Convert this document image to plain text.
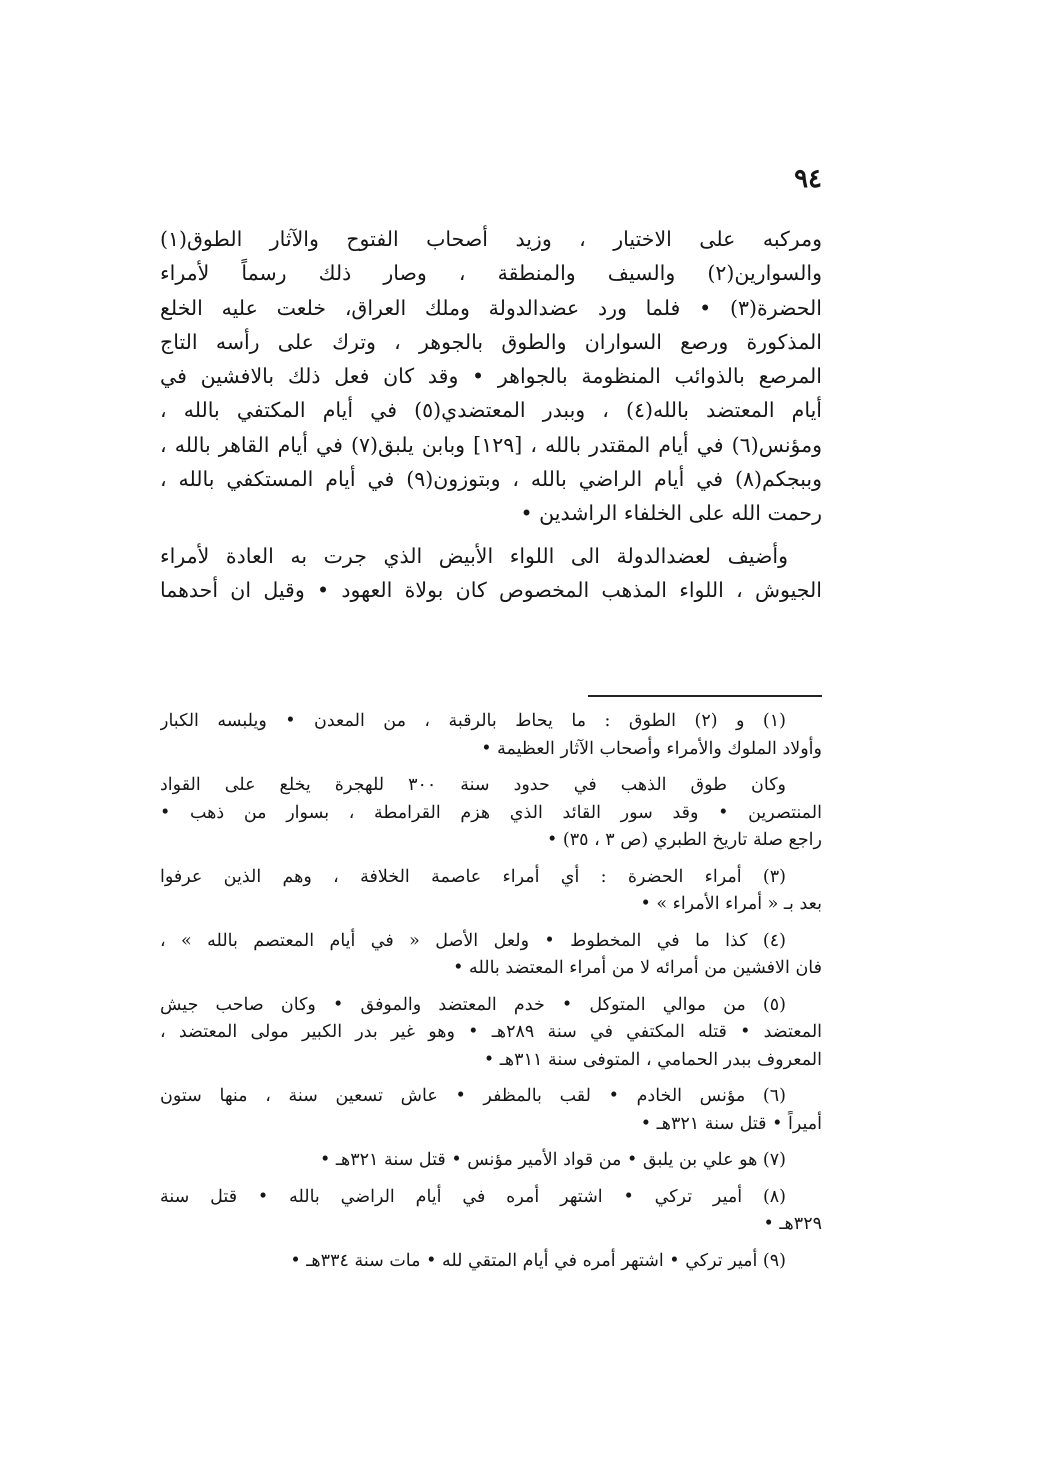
٩٤
ومركبه على الاختيار ، وزيد أصحاب الفتوح والآثار الطوق(١)
والسوارين(٢) والسيف والمنطقة ، وصار ذلك رسماً لأمراء
الحضرة(٣) • فلما ورد عضدالدولة وملك العراق، خلعت عليه الخلع
المذكورة ورصع السواران والطوق بالجوهر ، وترك على رأسه التاج
المرصع بالذوائب المنظومة بالجواهر • وقد كان فعل ذلك بالافشين في
أيام المعتضد بالله(٤) ، وببدر المعتضدي(٥) في أيام المكتفي بالله ،
ومؤنس(٦) في أيام المقتدر بالله ، [١٢٩] وبابن يلبق(٧) في أيام القاهر بالله ،
وببجكم(٨) في أيام الراضي بالله ، وبتوزون(٩) في أيام المستكفي بالله ،
رحمت الله على الخلفاء الراشدين •
وأضيف لعضدالدولة الى اللواء الأبيض الذي جرت به العادة لأمراء
الجيوش ، اللواء المذهب المخصوص كان بولاة العهود • وقيل ان أحدهما
(١) و (٢) الطوق : ما يحاط بالرقبة ، من المعدن • ويلبسه الكبار
وأولاد الملوك والأمراء وأصحاب الآثار العظيمة •
وكان طوق الذهب في حدود سنة ٣٠٠ للهجرة يخلع على القواد
المنتصرين • وقد سور القائد الذي هزم القرامطة ، بسوار من ذهب •
راجع صلة تاريخ الطبري (ص ٣ ، ٣٥) •
(٣) أمراء الحضرة : أي أمراء عاصمة الخلافة ، وهم الذين عرفوا
بعد بـ « أمراء الأمراء » •
(٤) كذا ما في المخطوط • ولعل الأصل « في أيام المعتصم بالله » ،
فان الافشين من أمرائه لا من أمراء المعتضد بالله •
(٥) من موالي المتوكل • خدم المعتضد والموفق • وكان صاحب جيش
المعتضد • قتله المكتفي في سنة ٢٨٩هـ • وهو غير بدر الكبير مولى المعتضد ،
المعروف ببدر الحمامي ، المتوفى سنة ٣١١هـ •
(٦) مؤنس الخادم • لقب بالمظفر • عاش تسعين سنة ، منها ستون
أميراً • قتل سنة ٣٢١هـ •
(٧) هو علي بن يلبق • من قواد الأمير مؤنس • قتل سنة ٣٢١هـ •
(٨) أمير تركي • اشتهر أمره في أيام الراضي بالله • قتل سنة
٣٢٩هـ •
(٩) أمير تركي • اشتهر أمره في أيام المتقي لله • مات سنة ٣٣٤هـ •
